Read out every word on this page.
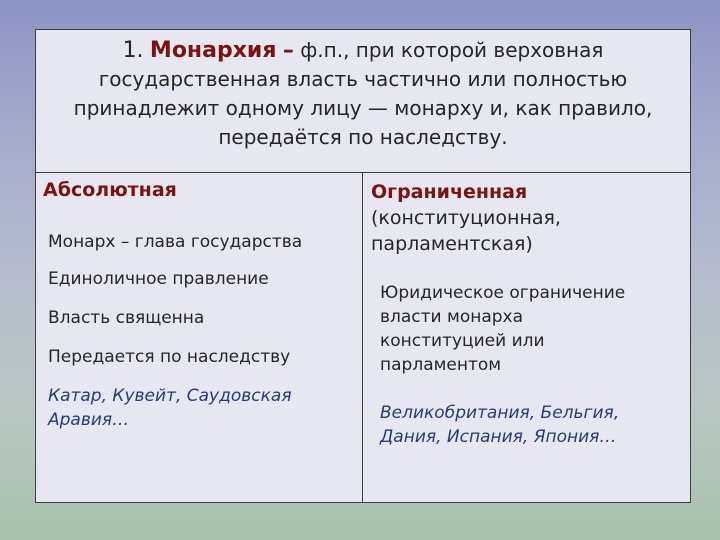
1. Монархия – ф.п., при которой верховная
государственная власть частично или полностью
принадлежит одному лицу — монарху и, как правило,
передаётся по наследству.
Абсолютная
Монарх – глава государства
Единоличное правление
Власть священна
Передается по наследству
Катар, Кувейт, Саудовская
Аравия…
Ограниченная
(конституционная,
парламентская)
Юридическое ограничение
власти монарха
конституцией или
парламентом
Великобритания, Бельгия,
Дания, Испания, Япония…
